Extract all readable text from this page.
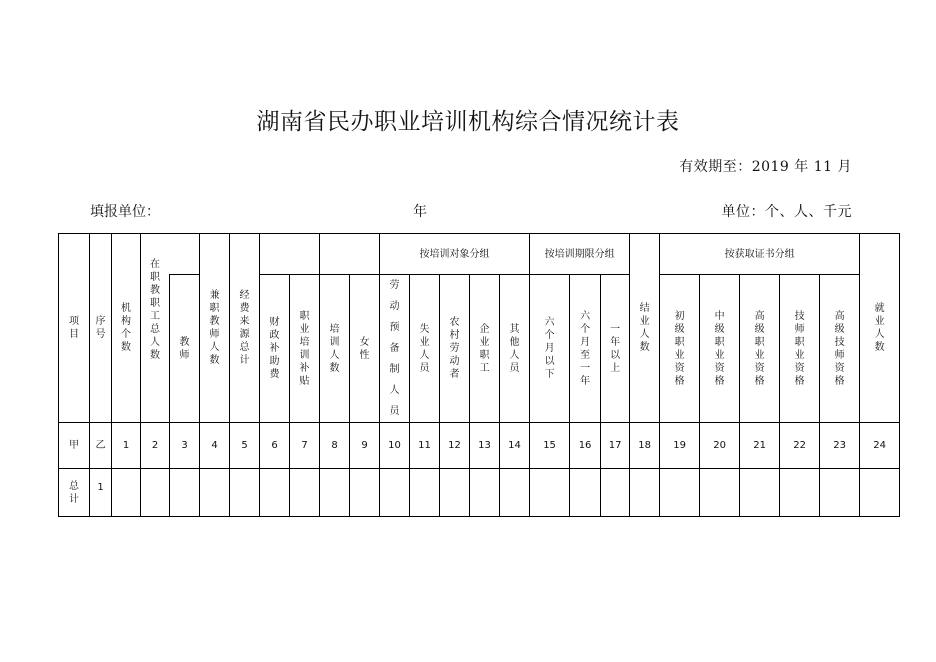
湖南省民办职业培训机构综合情况统计表
有效期至：2019 年 11 月
填报单位：	年	单位：个、人、千元
项目	序号	机构个数			兼职教师人数	经费来源总计					按培训对象分组					按培训期限分组			结业人数	按获取证书分组					就业人数
			在职教职工总人数	教师			财政补助费	职业培训补贴	培训人数	女性	劳动预备制人员	失业人员	农村劳动者	企业职工	其他人员	六个月以下	六个月至一年	一年以上		初级职业资格	中级职业资格	高级职业资格	技师职业资格	高级技师资格	
甲	乙	1	2	3	4	5	6	7	8	9	10	11	12	13	14	15	16	17	18	19	20	21	22	23	24
总计	1																								
